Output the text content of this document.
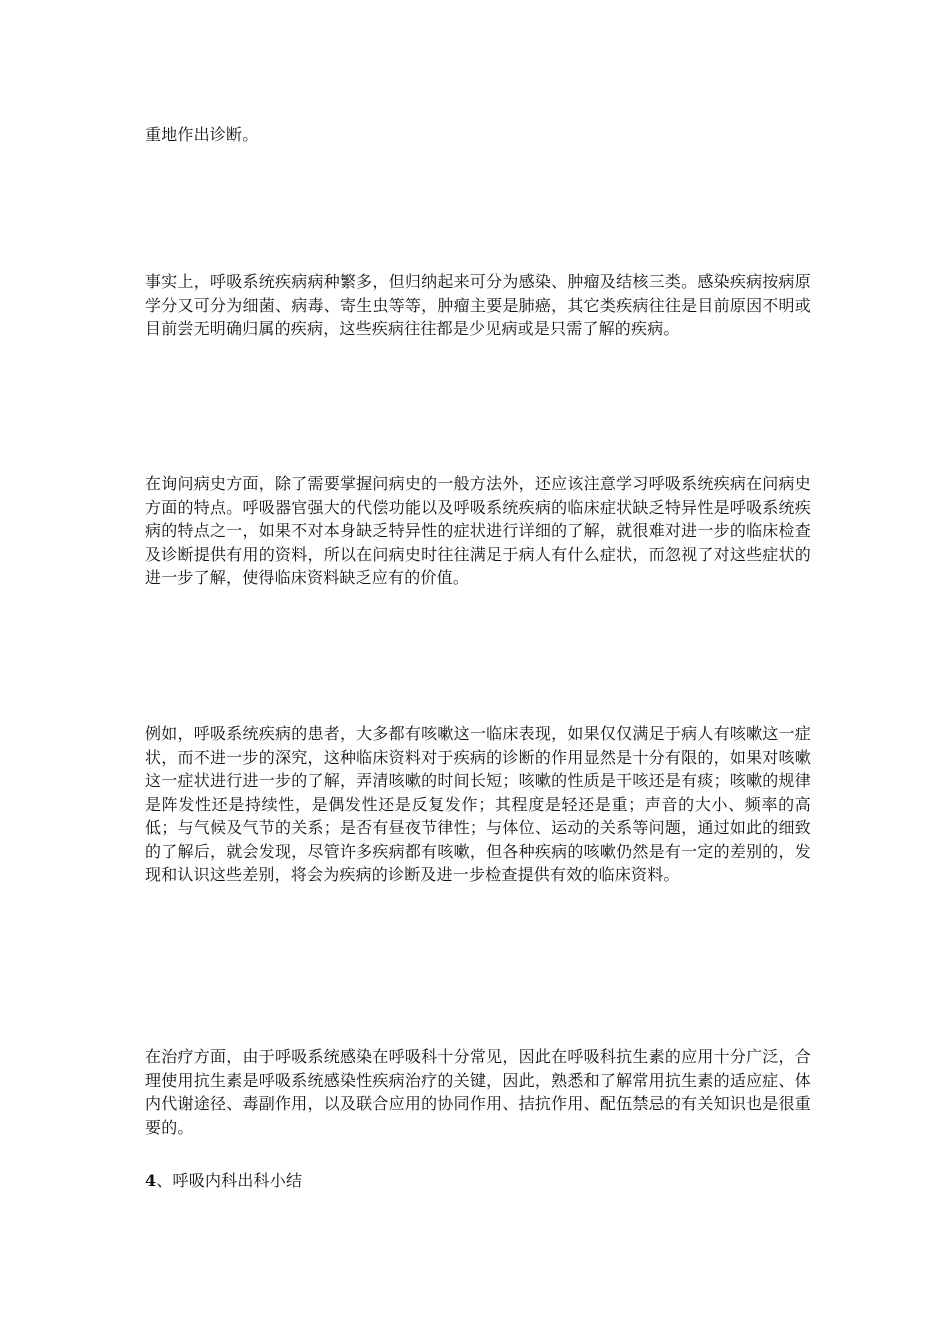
重地作出诊断。

事实上，呼吸系统疾病病种繁多，但归纳起来可分为感染、肿瘤及结核三类。感染疾病按病原学分又可分为细菌、病毒、寄生虫等等，肿瘤主要是肺癌，其它类疾病往往是目前原因不明或目前尝无明确归属的疾病，这些疾病往往都是少见病或是只需了解的疾病。

在询问病史方面，除了需要掌握问病史的一般方法外，还应该注意学习呼吸系统疾病在问病史方面的特点。呼吸器官强大的代偿功能以及呼吸系统疾病的临床症状缺乏特异性是呼吸系统疾病的特点之一，如果不对本身缺乏特异性的症状进行详细的了解，就很难对进一步的临床检查及诊断提供有用的资料，所以在问病史时往往满足于病人有什么症状，而忽视了对这些症状的进一步了解，使得临床资料缺乏应有的价值。

例如，呼吸系统疾病的患者，大多都有咳嗽这一临床表现，如果仅仅满足于病人有咳嗽这一症状，而不进一步的深究，这种临床资料对于疾病的诊断的作用显然是十分有限的，如果对咳嗽这一症状进行进一步的了解，弄清咳嗽的时间长短；咳嗽的性质是干咳还是有痰；咳嗽的规律是阵发性还是持续性，是偶发性还是反复发作；其程度是轻还是重；声音的大小、频率的高低；与气候及气节的关系；是否有昼夜节律性；与体位、运动的关系等问题，通过如此的细致的了解后，就会发现，尽管许多疾病都有咳嗽，但各种疾病的咳嗽仍然是有一定的差别的，发现和认识这些差别，将会为疾病的诊断及进一步检查提供有效的临床资料。

在治疗方面，由于呼吸系统感染在呼吸科十分常见，因此在呼吸科抗生素的应用十分广泛，合理使用抗生素是呼吸系统感染性疾病治疗的关键，因此，熟悉和了解常用抗生素的适应症、体内代谢途径、毒副作用，以及联合应用的协同作用、拮抗作用、配伍禁忌的有关知识也是很重要的。

4、呼吸内科出科小结
